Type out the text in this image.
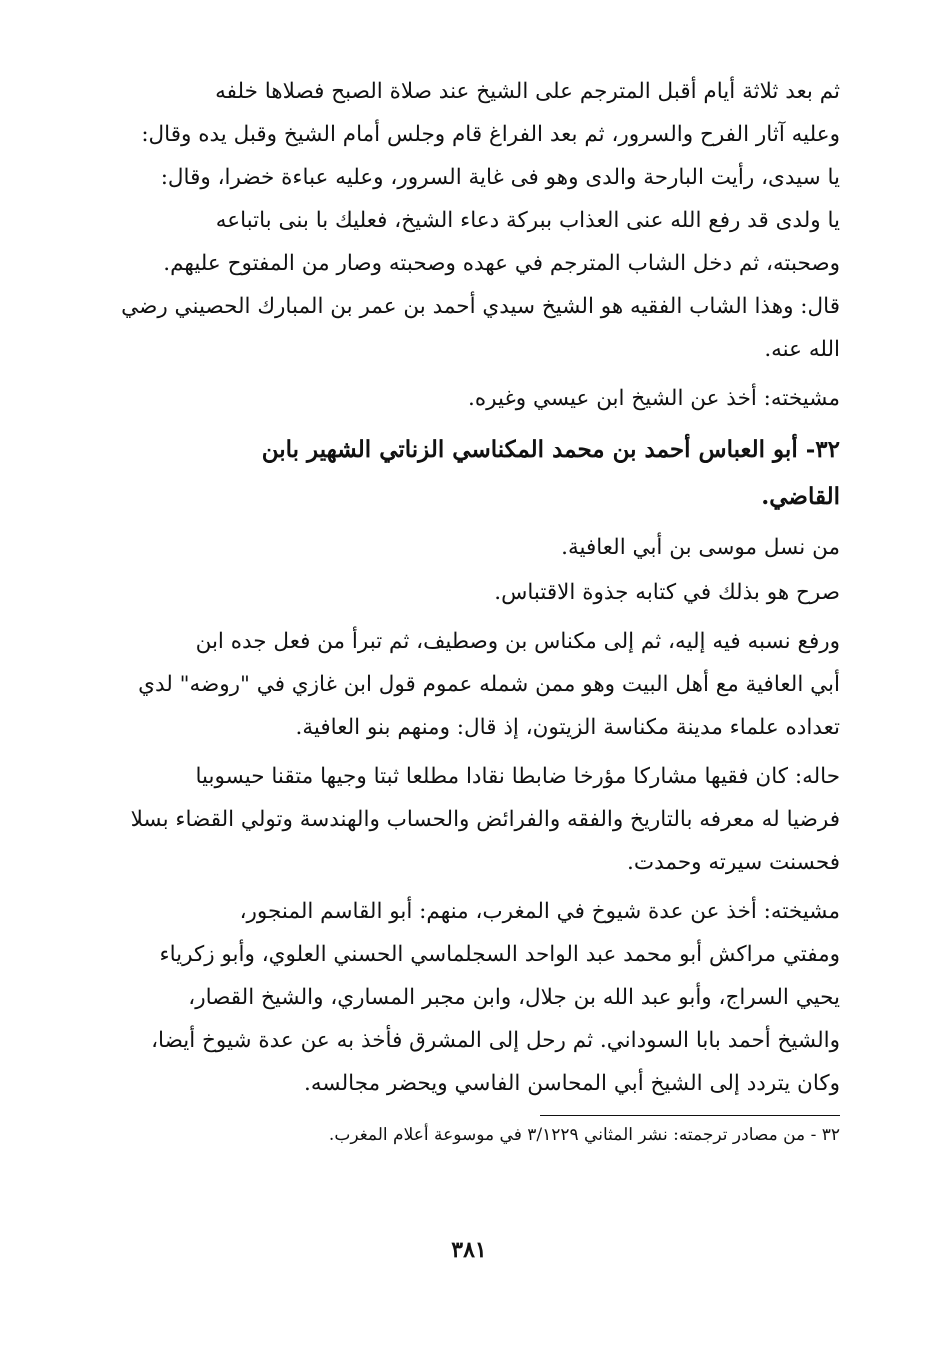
ثم بعد ثلاثة أيام أقبل المترجم على الشيخ عند صلاة الصبح فصلاها خلفه
وعليه آثار الفرح والسرور، ثم بعد الفراغ قام وجلس أمام الشيخ وقبل يده وقال:
يا سيدى، رأيت البارحة والدى وهو فى غاية السرور، وعليه عباءة خضرا، وقال:
يا ولدى قد رفع الله عنى العذاب ببركة دعاء الشيخ، فعليك با بنى باتباعه
وصحبته، ثم دخل الشاب المترجم في عهده وصحبته وصار من المفتوح عليهم.
قال: وهذا الشاب الفقيه هو الشيخ سيدي أحمد بن عمر بن المبارك الحصيني رضي
الله عنه.
مشيخته: أخذ عن الشيخ ابن عيسي وغيره.
٣٢- أبو العباس أحمد بن محمد المكناسي الزناتي الشهير بابن
القاضي.
من نسل موسى بن أبي العافية.
صرح هو بذلك في كتابه جذوة الاقتباس.
ورفع نسبه فيه إليه، ثم إلى مكناس بن وصطيف، ثم تبرأ من فعل جده ابن
أبي العافية مع أهل البيت وهو ممن شمله عموم قول ابن غازي في "روضه" لدي
تعداده علماء مدينة مكناسة الزيتون، إذ قال: ومنهم بنو العافية.
حاله: كان فقيها مشاركا مؤرخا ضابطا نقادا مطلعا ثبتا وجيها متقنا حيسوبيا
فرضيا له معرفه بالتاريخ والفقه والفرائض والحساب والهندسة وتولي القضاء بسلا
فحسنت سيرته وحمدت.
مشيخته: أخذ عن عدة شيوخ في المغرب، منهم: أبو القاسم المنجور،
ومفتي مراكش أبو محمد عبد الواحد السجلماسي الحسني العلوي، وأبو زكرياء
يحيي السراج، وأبو عبد الله بن جلال، وابن مجبر المساري، والشيخ القصار،
والشيخ أحمد بابا السوداني. ثم رحل إلى المشرق فأخذ به عن عدة شيوخ أيضا،
وكان يتردد إلى الشيخ أبي المحاسن الفاسي ويحضر مجالسه.

٣٢ - من مصادر ترجمته: نشر المثاني ٣/١٢٢٩ في موسوعة أعلام المغرب.

٣٨١
